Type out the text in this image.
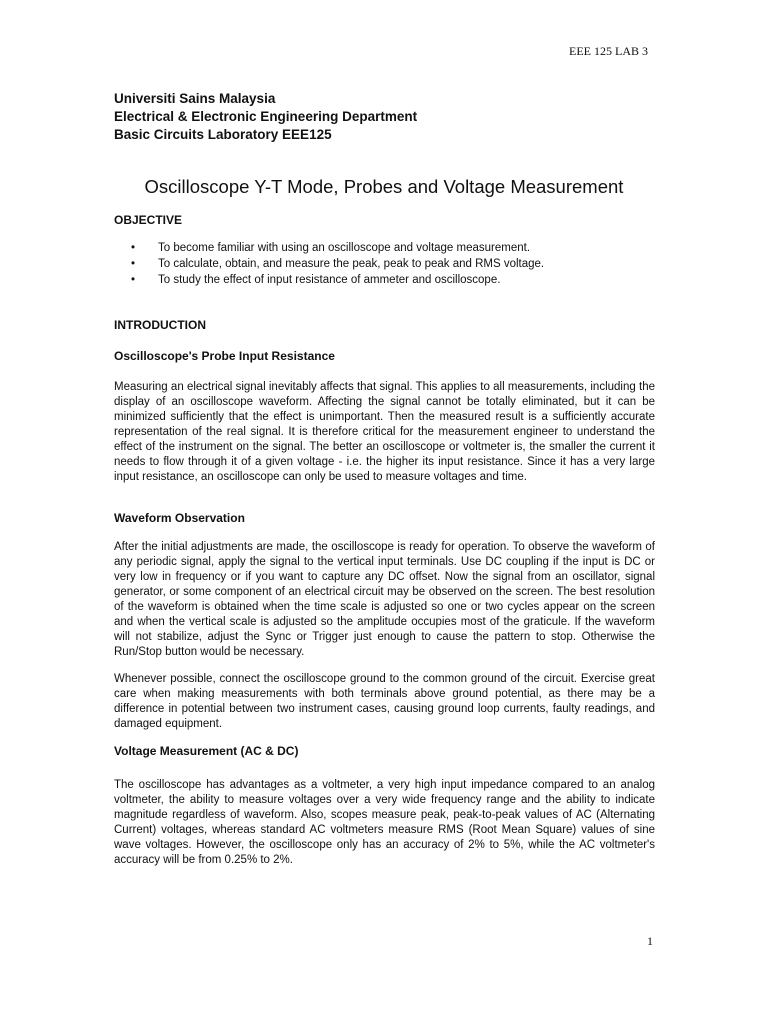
EEE 125 LAB 3
Universiti Sains Malaysia
Electrical & Electronic Engineering Department
Basic Circuits Laboratory EEE125
Oscilloscope Y-T Mode, Probes and Voltage Measurement
OBJECTIVE
• To become familiar with using an oscilloscope and voltage measurement.
• To calculate, obtain, and measure the peak, peak to peak and RMS voltage.
• To study the effect of input resistance of ammeter and oscilloscope.
INTRODUCTION
Oscilloscope's Probe Input Resistance

Measuring an electrical signal inevitably affects that signal. This applies to all measurements, including the display of an oscilloscope waveform. Affecting the signal cannot be totally eliminated, but it can be minimized sufficiently that the effect is unimportant. Then the measured result is a sufficiently accurate representation of the real signal. It is therefore critical for the measurement engineer to understand the effect of the instrument on the signal. The better an oscilloscope or voltmeter is, the smaller the current it needs to flow through it of a given voltage - i.e. the higher its input resistance. Since it has a very large input resistance, an oscilloscope can only be used to measure voltages and time.

Waveform Observation

After the initial adjustments are made, the oscilloscope is ready for operation. To observe the waveform of any periodic signal, apply the signal to the vertical input terminals. Use DC coupling if the input is DC or very low in frequency or if you want to capture any DC offset. Now the signal from an oscillator, signal generator, or some component of an electrical circuit may be observed on the screen. The best resolution of the waveform is obtained when the time scale is adjusted so one or two cycles appear on the screen and when the vertical scale is adjusted so the amplitude occupies most of the graticule. If the waveform will not stabilize, adjust the Sync or Trigger just enough to cause the pattern to stop. Otherwise the Run/Stop button would be necessary.

Whenever possible, connect the oscilloscope ground to the common ground of the circuit. Exercise great care when making measurements with both terminals above ground potential, as there may be a difference in potential between two instrument cases, causing ground loop currents, faulty readings, and damaged equipment.

Voltage Measurement (AC & DC)

The oscilloscope has advantages as a voltmeter, a very high input impedance compared to an analog voltmeter, the ability to measure voltages over a very wide frequency range and the ability to indicate magnitude regardless of waveform. Also, scopes measure peak, peak-to-peak values of AC (Alternating Current) voltages, whereas standard AC voltmeters measure RMS (Root Mean Square) values of sine wave voltages. However, the oscilloscope only has an accuracy of 2% to 5%, while the AC voltmeter's accuracy will be from 0.25% to 2%.

1
